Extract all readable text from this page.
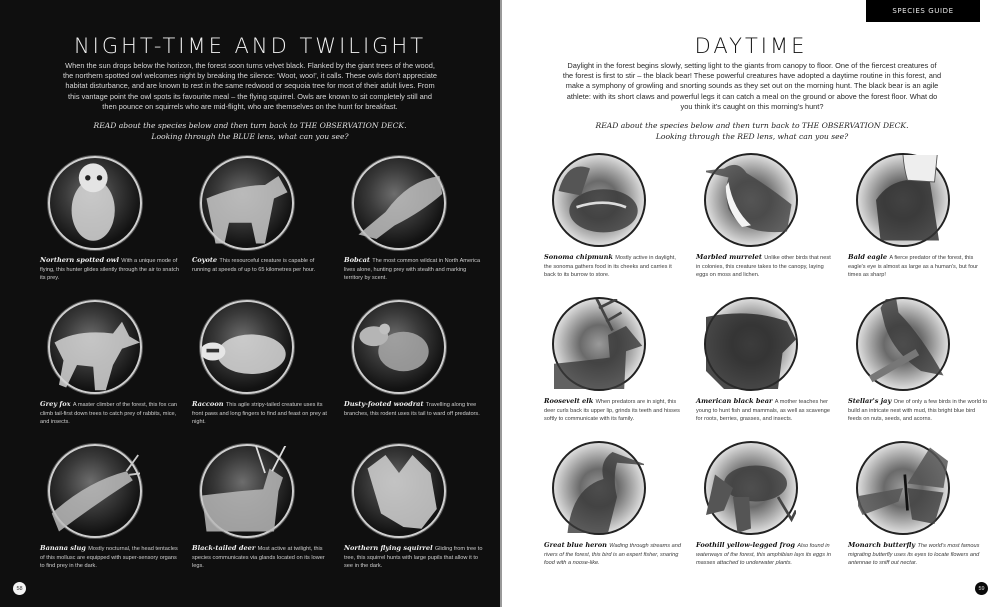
NIGHT-TIME AND TWILIGHT

When the sun drops below the horizon, the forest soon turns velvet black. Flanked by the giant trees of the wood, the northern spotted owl welcomes night by breaking the silence: 'Woot, woo!', it calls. These owls don't appreciate habitat disturbance, and are known to rest in the same redwood or sequoia tree for most of their adult lives. From this vantage point the owl spots its favourite meal – the flying squirrel. Owls are known to sit completely still and then pounce on squirrels who are mid-flight, who are themselves on the hunt for breakfast.

READ about the species below and then turn back to THE OBSERVATION DECK.
Looking through the BLUE lens, what can you see?
Northern spotted owl With a unique mode of flying, this hunter glides silently through the air to snatch its prey.
Coyote This resourceful creature is capable of running at speeds of up to 65 kilometres per hour.
Bobcat The most common wildcat in North America lives alone, hunting prey with stealth and marking territory by scent.
Grey fox A master climber of the forest, this fox can climb tail-first down trees to catch prey of rabbits, mice, and insects.
Raccoon This agile stripy-tailed creature uses its front paws and long fingers to find and feast on prey at night.
Dusty-footed woodrat Travelling along tree branches, this rodent uses its tail to ward off predators.
Banana slug Mostly nocturnal, the head tentacles of this mollusc are equipped with super-sensory organs to find prey in the dark.
Black-tailed deer Most active at twilight, this species communicates via glands located on its lower legs.
Northern flying squirrel Gliding from tree to tree, this squirrel hunts with large pupils that allow it to see in the dark.
58
SPECIES GUIDE
DAYTIME

Daylight in the forest begins slowly, setting light to the giants from canopy to floor. One of the fiercest creatures of the forest is first to stir – the black bear! These powerful creatures have adopted a daytime routine in this forest, and make a symphony of growling and snorting sounds as they set out on the morning hunt. The black bear is an agile athlete: with its short claws and powerful legs it can catch a meal on the ground or above the forest floor. What do you think it's caught on this morning's hunt?

READ about the species below and then turn back to THE OBSERVATION DECK.
Looking through the RED lens, what can you see?
Sonoma chipmunk Mostly active in daylight, the sonoma gathers food in its cheeks and carries it back to its burrow to store.
Marbled murrelet Unlike other birds that nest in colonies, this creature takes to the canopy, laying eggs on moss and lichen.
Bald eagle A fierce predator of the forest, this eagle's eye is almost as large as a human's, but four times as sharp!
Roosevelt elk When predators are in sight, this deer curls back its upper lip, grinds its teeth and hisses softly to communicate with its family.
American black bear A mother teaches her young to hunt fish and mammals, as well as scavenge for roots, berries, grasses, and insects.
Stellar's jay One of only a few birds in the world to build an intricate nest with mud, this bright blue bird feeds on nuts, seeds, and acorns.
Great blue heron Wading through streams and rivers of the forest, this bird is an expert fisher, snaring food with a noose-like.
Foothill yellow-legged frog Also found in waterways of the forest, this amphibian lays its eggs in masses attached to underwater plants.
Monarch butterfly The world's most famous migrating butterfly uses its eyes to locate flowers and antennae to sniff out nectar.
59
